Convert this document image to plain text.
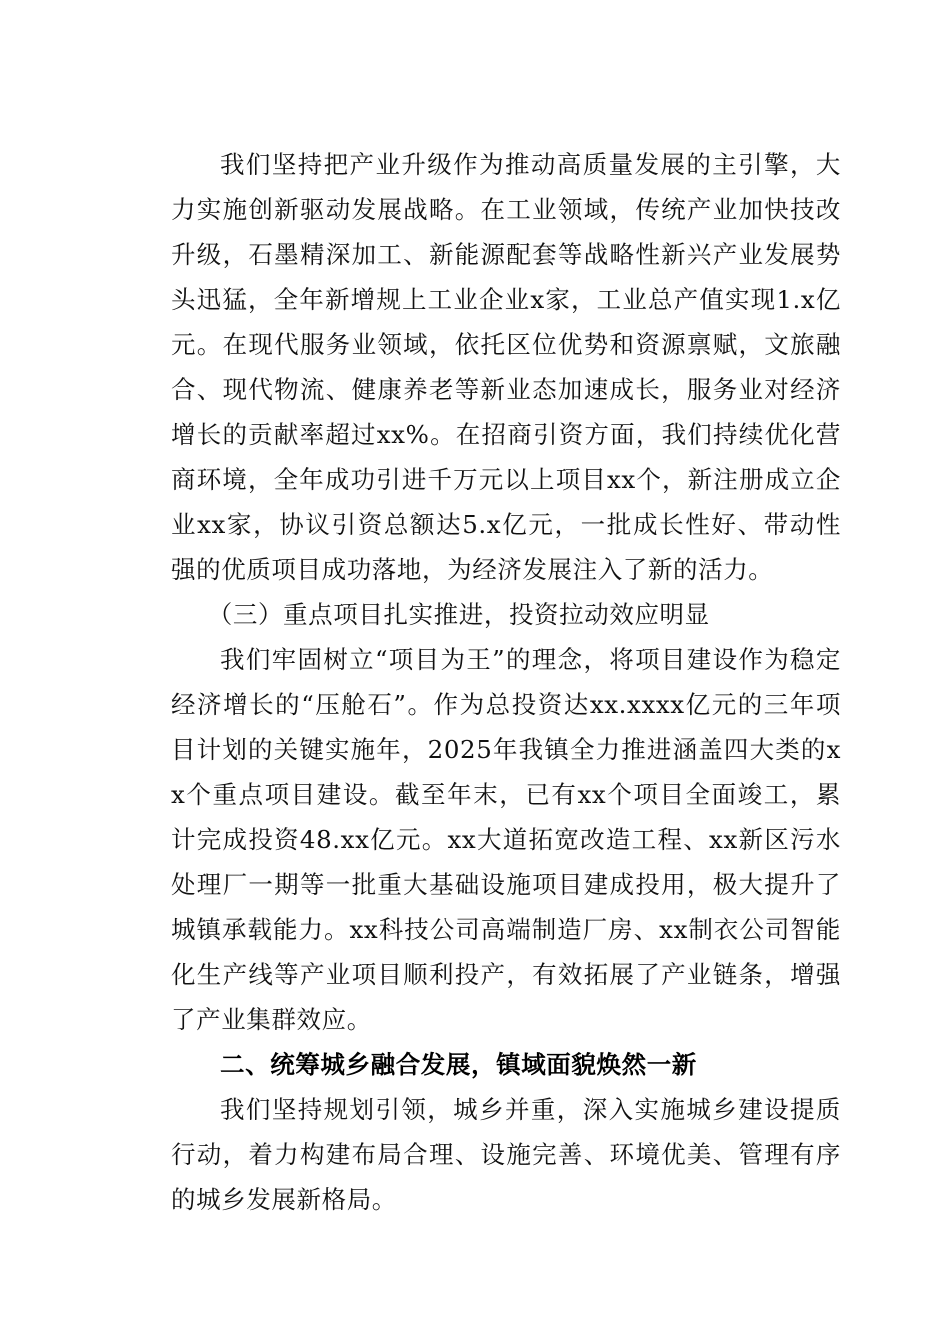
我们坚持把产业升级作为推动高质量发展的主引擎，大力实施创新驱动发展战略。在工业领域，传统产业加快技改升级，石墨精深加工、新能源配套等战略性新兴产业发展势头迅猛，全年新增规上工业企业x家，工业总产值实现1.x亿元。在现代服务业领域，依托区位优势和资源禀赋，文旅融合、现代物流、健康养老等新业态加速成长，服务业对经济增长的贡献率超过xx%。在招商引资方面，我们持续优化营商环境，全年成功引进千万元以上项目xx个，新注册成立企业xx家，协议引资总额达5.x亿元，一批成长性好、带动性强的优质项目成功落地，为经济发展注入了新的活力。

（三）重点项目扎实推进，投资拉动效应明显

我们牢固树立“项目为王”的理念，将项目建设作为稳定经济增长的“压舱石”。作为总投资达xx.xxxx亿元的三年项目计划的关键实施年，2025年我镇全力推进涵盖四大类的xx个重点项目建设。截至年末，已有xx个项目全面竣工，累计完成投资48.xx亿元。xx大道拓宽改造工程、xx新区污水处理厂一期等一批重大基础设施项目建成投用，极大提升了城镇承载能力。xx科技公司高端制造厂房、xx制衣公司智能化生产线等产业项目顺利投产，有效拓展了产业链条，增强了产业集群效应。

二、统筹城乡融合发展，镇域面貌焕然一新

我们坚持规划引领，城乡并重，深入实施城乡建设提质行动，着力构建布局合理、设施完善、环境优美、管理有序的城乡发展新格局。
